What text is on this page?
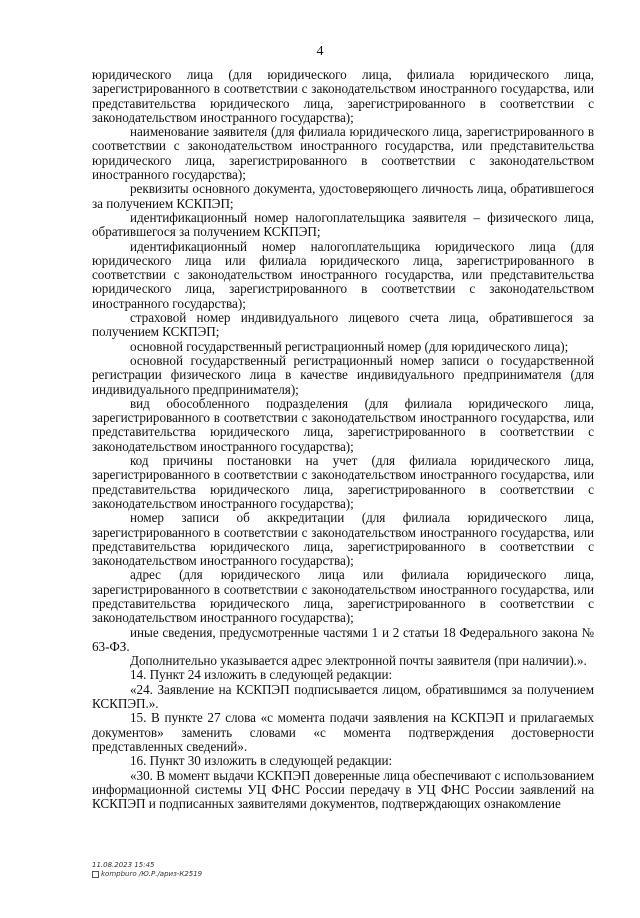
4

юридического лица (для юридического лица, филиала юридического лица, зарегистрированного в соответствии с законодательством иностранного государства, или представительства юридического лица, зарегистрированного в соответствии с законодательством иностранного государства);

наименование заявителя (для филиала юридического лица, зарегистрированного в соответствии с законодательством иностранного государства, или представительства юридического лица, зарегистрированного в соответствии с законодательством иностранного государства);

реквизиты основного документа, удостоверяющего личность лица, обратившегося за получением КСКПЭП;

идентификационный номер налогоплательщика заявителя – физического лица, обратившегося за получением КСКПЭП;

идентификационный номер налогоплательщика юридического лица (для юридического лица или филиала юридического лица, зарегистрированного в соответствии с законодательством иностранного государства, или представительства юридического лица, зарегистрированного в соответствии с законодательством иностранного государства);

страховой номер индивидуального лицевого счета лица, обратившегося за получением КСКПЭП;

основной государственный регистрационный номер (для юридического лица);

основной государственный регистрационный номер записи о государственной регистрации физического лица в качестве индивидуального предпринимателя (для индивидуального предпринимателя);

вид обособленного подразделения (для филиала юридического лица, зарегистрированного в соответствии с законодательством иностранного государства, или представительства юридического лица, зарегистрированного в соответствии с законодательством иностранного государства);

код причины постановки на учет (для филиала юридического лица, зарегистрированного в соответствии с законодательством иностранного государства, или представительства юридического лица, зарегистрированного в соответствии с законодательством иностранного государства);

номер записи об аккредитации (для филиала юридического лица, зарегистрированного в соответствии с законодательством иностранного государства, или представительства юридического лица, зарегистрированного в соответствии с законодательством иностранного государства);

адрес (для юридического лица или филиала юридического лица, зарегистрированного в соответствии с законодательством иностранного государства, или представительства юридического лица, зарегистрированного в соответствии с законодательством иностранного государства);

иные сведения, предусмотренные частями 1 и 2 статьи 18 Федерального закона № 63-ФЗ.

Дополнительно указывается адрес электронной почты заявителя (при наличии).».

14. Пункт 24 изложить в следующей редакции:

«24. Заявление на КСКПЭП подписывается лицом, обратившимся за получением КСКПЭП.».

15. В пункте 27 слова «с момента подачи заявления на КСКПЭП и прилагаемых документов» заменить словами «с момента подтверждения достоверности представленных сведений».

16. Пункт 30 изложить в следующей редакции:

«30. В момент выдачи КСКПЭП доверенные лица обеспечивают с использованием информационной системы УЦ ФНС России передачу в УЦ ФНС России заявлений на КСКПЭП и подписанных заявителями документов, подтверждающих ознакомление

11.08.2023 15:45
kompburo /Ю.Р./ариз-К2519
